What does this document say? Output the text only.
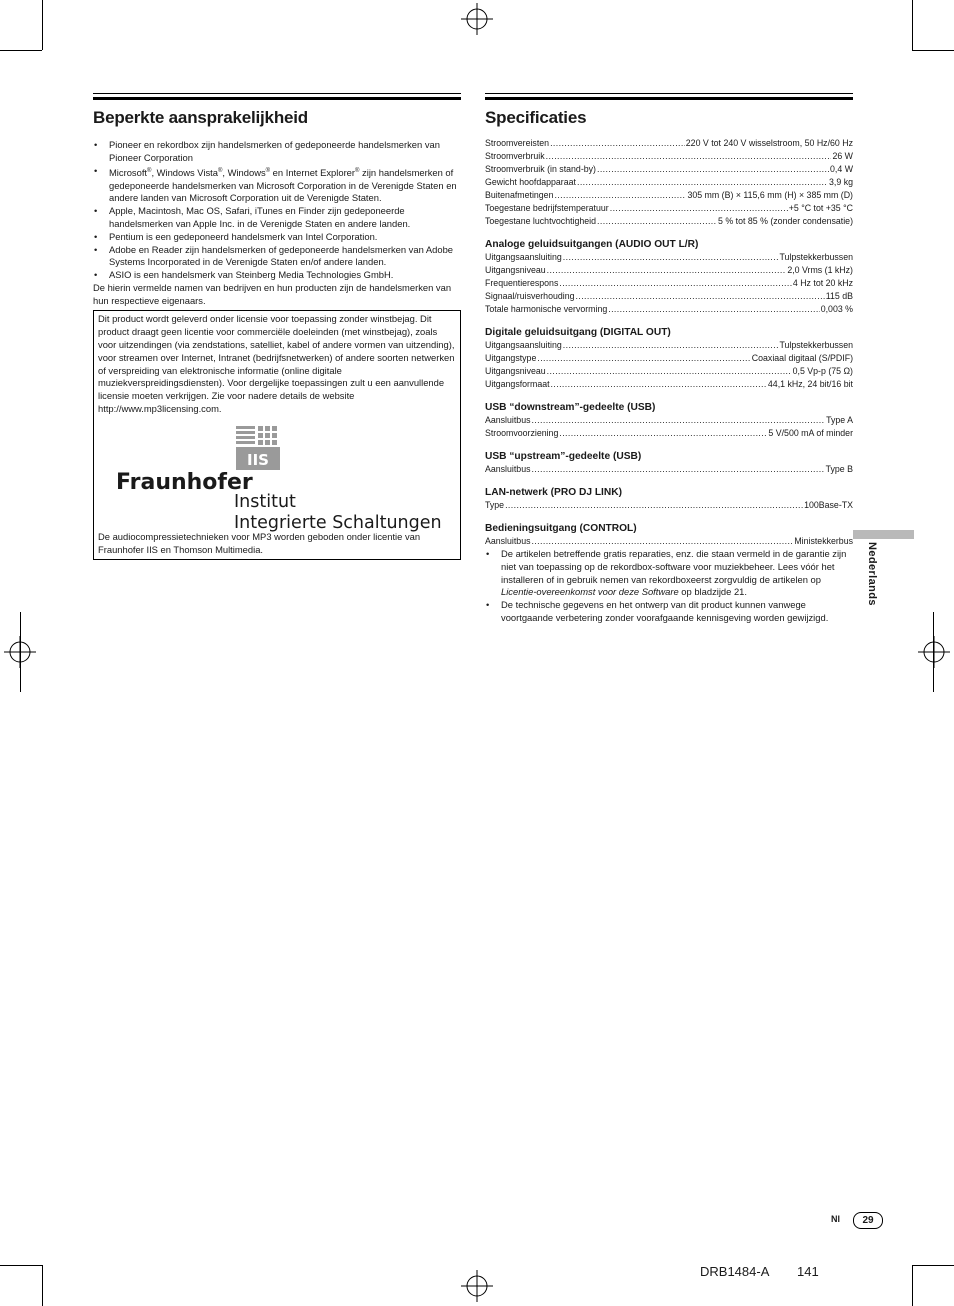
Beperkte aansprakelijkheid
• Pioneer en rekordbox zijn handelsmerken of gedeponeerde handelsmerken van Pioneer Corporation
• Microsoft®, Windows Vista®, Windows® en Internet Explorer® zijn handelsmerken of gedeponeerde handelsmerken van Microsoft Corporation in de Verenigde Staten en andere landen van Microsoft Corporation uit de Verenigde Staten.
• Apple, Macintosh, Mac OS, Safari, iTunes en Finder zijn gedeponeerde handelsmerken van Apple Inc. in de Verenigde Staten en andere landen.
• Pentium is een gedeponeerd handelsmerk van Intel Corporation.
• Adobe en Reader zijn handelsmerken of gedeponeerde handelsmerken van Adobe Systems Incorporated in de Verenigde Staten en/of andere landen.
• ASIO is een handelsmerk van Steinberg Media Technologies GmbH.
De hierin vermelde namen van bedrijven en hun producten zijn de handelsmerken van hun respectieve eigenaars.
Dit product wordt geleverd onder licensie voor toepassing zonder winstbejag. Dit product draagt geen licentie voor commerciële doeleinden (met winstbejag), zoals voor uitzendingen (via zendstations, satelliet, kabel of andere vormen van uitzending), voor streamen over Internet, Intranet (bedrijfsnetwerken) of andere soorten netwerken of verspreiding van elektronische informatie (online digitale muziekverspreidingsdiensten). Voor dergelijke toepassingen zult u een aanvullende licensie moeten verkrijgen. Zie voor nadere details de website http://www.mp3licensing.com.
IIS
Fraunhofer
Institut
Integrierte Schaltungen
De audiocompressietechnieken voor MP3 worden geboden onder licentie van Fraunhofer IIS en Thomson Multimedia.
Specificaties
Stroomvereisten .....	220 V tot 240 V wisselstroom, 50 Hz/60 Hz
Stroomverbruik .....	26 W
Stroomverbruik (in stand-by) .....	0,4 W
Gewicht hoofdapparaat .....	3,9 kg
Buitenafmetingen .....	305 mm (B) × 115,6 mm (H) × 385 mm (D)
Toegestane bedrijfstemperatuur .....	+5 °C tot +35 °C
Toegestane luchtvochtigheid .....	5 % tot 85 % (zonder condensatie)
Analoge geluidsuitgangen (AUDIO OUT L/R)
Uitgangsaansluiting .....	Tulpstekkerbussen
Uitgangsniveau .....	2,0 Vrms (1 kHz)
Frequentierespons .....	4 Hz tot 20 kHz
Signaal/ruisverhouding .....	115 dB
Totale harmonische vervorming .....	0,003 %
Digitale geluidsuitgang (DIGITAL OUT)
Uitgangsaansluiting .....	Tulpstekkerbussen
Uitgangstype .....	Coaxiaal digitaal (S/PDIF)
Uitgangsniveau .....	0,5 Vp-p (75 Ω)
Uitgangsformaat .....	44,1 kHz, 24 bit/16 bit
USB “downstream”-gedeelte (USB)
Aansluitbus .....	Type A
Stroomvoorziening .....	5 V/500 mA of minder
USB “upstream”-gedeelte (USB)
Aansluitbus .....	Type B
LAN-netwerk (PRO DJ LINK)
Type .....	100Base-TX
Bedieningsuitgang (CONTROL)
Aansluitbus .....	Ministekkerbus
• De artikelen betreffende gratis reparaties, enz. die staan vermeld in de garantie zijn niet van toepassing op de rekordbox-software voor muziekbeheer. Lees vóór het installeren of in gebruik nemen van rekordboxeerst zorgvuldig de artikelen op Licentie-overeenkomst voor deze Software op bladzijde 21.
• De technische gegevens en het ontwerp van dit product kunnen vanwege voortgaande verbetering zonder voorafgaande kennisgeving worden gewijzigd.
Nederlands
Nl	29
DRB1484-A 141
